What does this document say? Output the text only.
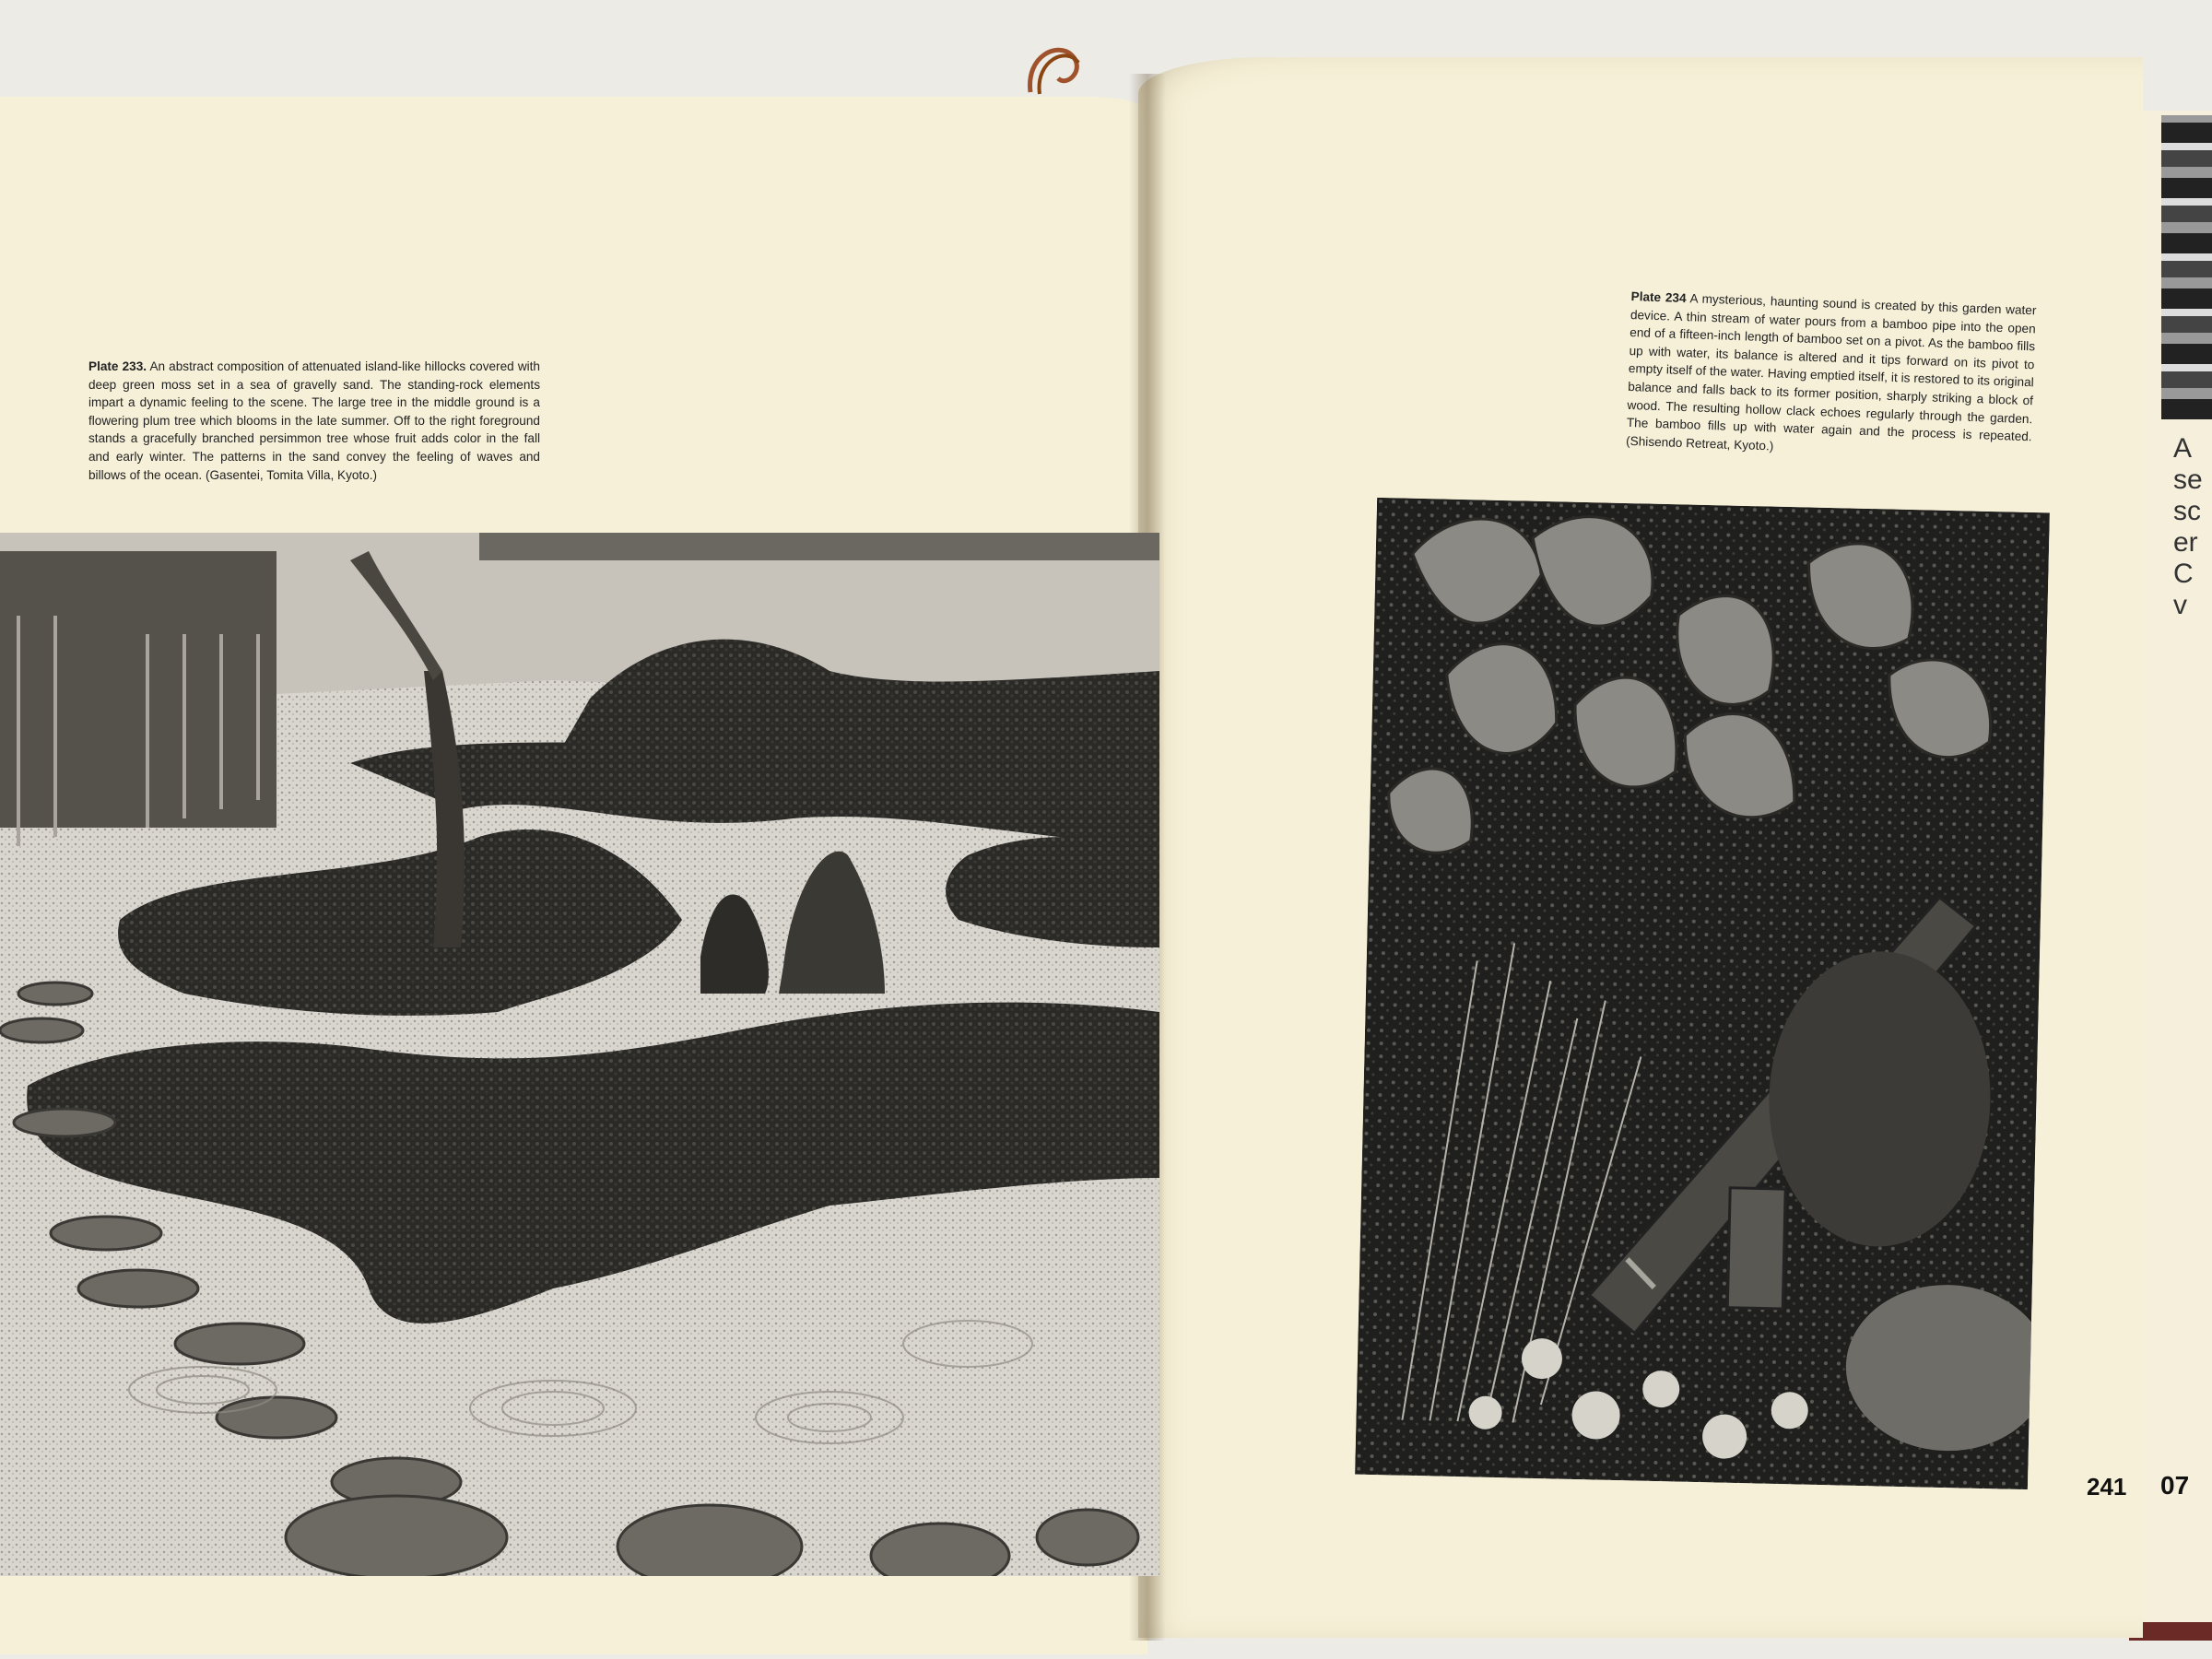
A
se
sc
er
C
v
07
Plate 233. An abstract composition of attenuated island-like hillocks covered with deep green moss set in a sea of gravelly sand. The standing-rock elements impart a dynamic feeling to the scene. The large tree in the middle ground is a flowering plum tree which blooms in the late summer. Off to the right foreground stands a gracefully branched persimmon tree whose fruit adds color in the fall and early winter. The patterns in the sand convey the feeling of waves and billows of the ocean. (Gasentei, Tomita Villa, Kyoto.)
Plate 234 A mysterious, haunting sound is created by this garden water device. A thin stream of water pours from a bamboo pipe into the open end of a fifteen-inch length of bamboo set on a pivot. As the bamboo fills up with water, its balance is altered and it tips forward on its pivot to empty itself of the water. Having emptied itself, it is restored to its original balance and falls back to its former position, sharply striking a block of wood. The resulting hollow clack echoes regularly through the garden. The bamboo fills up with water again and the process is repeated. (Shisendo Retreat, Kyoto.)
241
